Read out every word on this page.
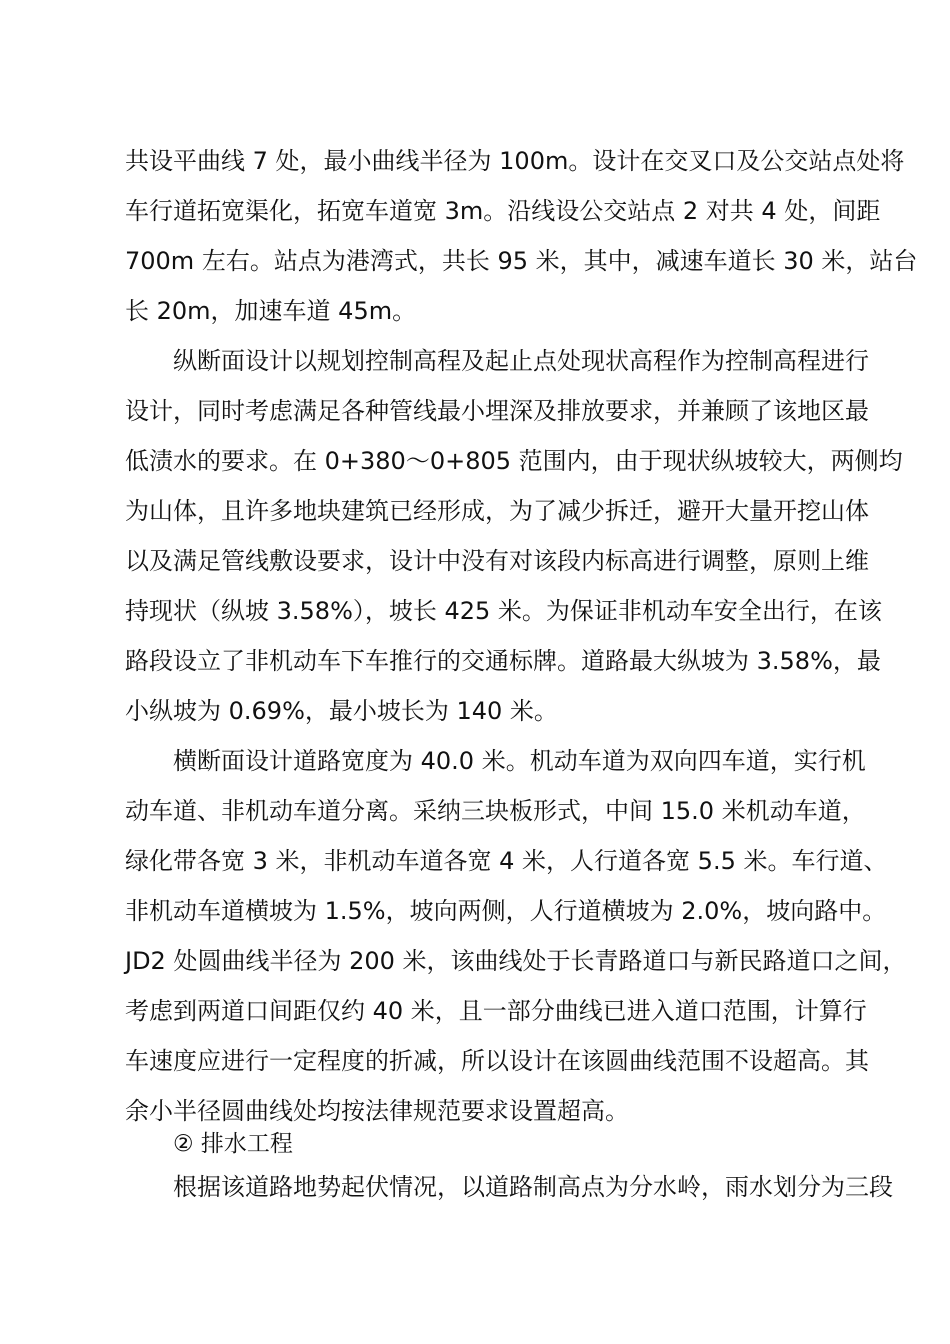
共设平曲线 7 处，最小曲线半径为 100m。设计在交叉口及公交站点处将
车行道拓宽渠化，拓宽车道宽 3m。沿线设公交站点 2 对共 4 处，间距
700m 左右。站点为港湾式，共长 95 米，其中，减速车道长 30 米，站台
长 20m，加速车道 45m。
纵断面设计以规划控制高程及起止点处现状高程作为控制高程进行
设计，同时考虑满足各种管线最小埋深及排放要求，并兼顾了该地区最
低渍水的要求。在 0+380～0+805 范围内，由于现状纵坡较大，两侧均
为山体，且许多地块建筑已经形成，为了减少拆迁，避开大量开挖山体
以及满足管线敷设要求，设计中没有对该段内标高进行调整，原则上维
持现状（纵坡 3.58%），坡长 425 米。为保证非机动车安全出行，在该
路段设立了非机动车下车推行的交通标牌。道路最大纵坡为 3.58%，最
小纵坡为 0.69%，最小坡长为 140 米。
横断面设计道路宽度为 40.0 米。机动车道为双向四车道，实行机
动车道、非机动车道分离。采纳三块板形式，中间 15.0 米机动车道，
绿化带各宽 3 米，非机动车道各宽 4 米，人行道各宽 5.5 米。车行道、
非机动车道横坡为 1.5%，坡向两侧，人行道横坡为 2.0%，坡向路中。
JD2 处圆曲线半径为 200 米，该曲线处于长青路道口与新民路道口之间，
考虑到两道口间距仅约 40 米，且一部分曲线已进入道口范围，计算行
车速度应进行一定程度的折减，所以设计在该圆曲线范围不设超高。其
余小半径圆曲线处均按法律规范要求设置超高。
② 排水工程
根据该道路地势起伏情况，以道路制高点为分水岭，雨水划分为三段
